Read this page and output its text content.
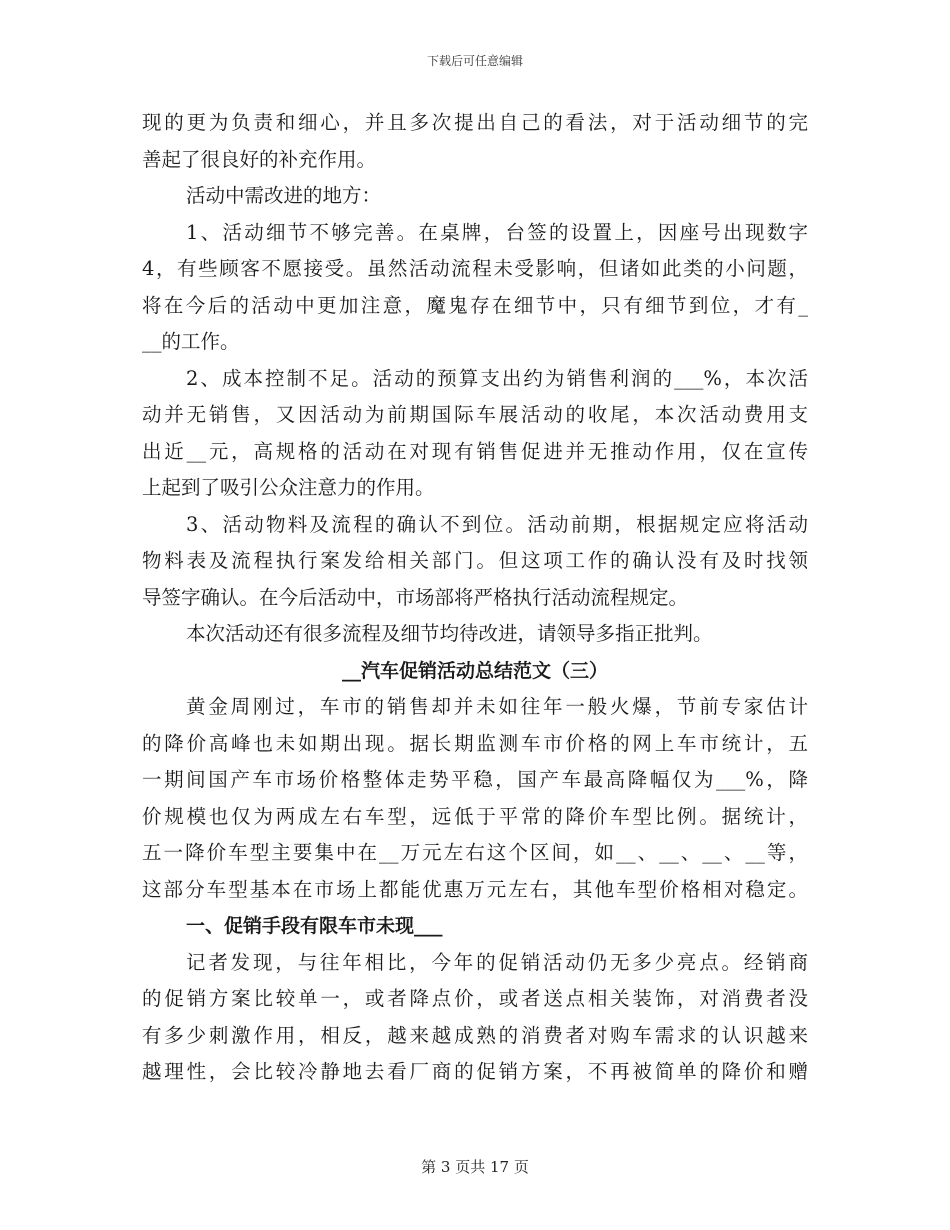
下载后可任意编辑
现的更为负责和细心，并且多次提出自己的看法，对于活动细节的完
善起了很良好的补充作用。
活动中需改进的地方：
1、活动细节不够完善。在桌牌，台签的设置上，因座号出现数字
4，有些顾客不愿接受。虽然活动流程未受影响，但诸如此类的小问题，
将在今后的活动中更加注意，魔鬼存在细节中，只有细节到位，才有_
__的工作。
2、成本控制不足。活动的预算支出约为销售利润的___%，本次活
动并无销售，又因活动为前期国际车展活动的收尾，本次活动费用支
出近__元，高规格的活动在对现有销售促进并无推动作用，仅在宣传
上起到了吸引公众注意力的作用。
3、活动物料及流程的确认不到位。活动前期，根据规定应将活动
物料表及流程执行案发给相关部门。但这项工作的确认没有及时找领
导签字确认。在今后活动中，市场部将严格执行活动流程规定。
本次活动还有很多流程及细节均待改进，请领导多指正批判。
__汽车促销活动总结范文（三）
黄金周刚过，车市的销售却并未如往年一般火爆，节前专家估计
的降价高峰也未如期出现。据长期监测车市价格的网上车市统计，五
一期间国产车市场价格整体走势平稳，国产车最高降幅仅为___%，降
价规模也仅为两成左右车型，远低于平常的降价车型比例。据统计，
五一降价车型主要集中在__万元左右这个区间，如__、__、__、__等，
这部分车型基本在市场上都能优惠万元左右，其他车型价格相对稳定。
一、促销手段有限车市未现___
记者发现，与往年相比，今年的促销活动仍无多少亮点。经销商
的促销方案比较单一，或者降点价，或者送点相关装饰，对消费者没
有多少刺激作用，相反，越来越成熟的消费者对购车需求的认识越来
越理性，会比较冷静地去看厂商的促销方案，不再被简单的降价和赠
第 3 页共 17 页
